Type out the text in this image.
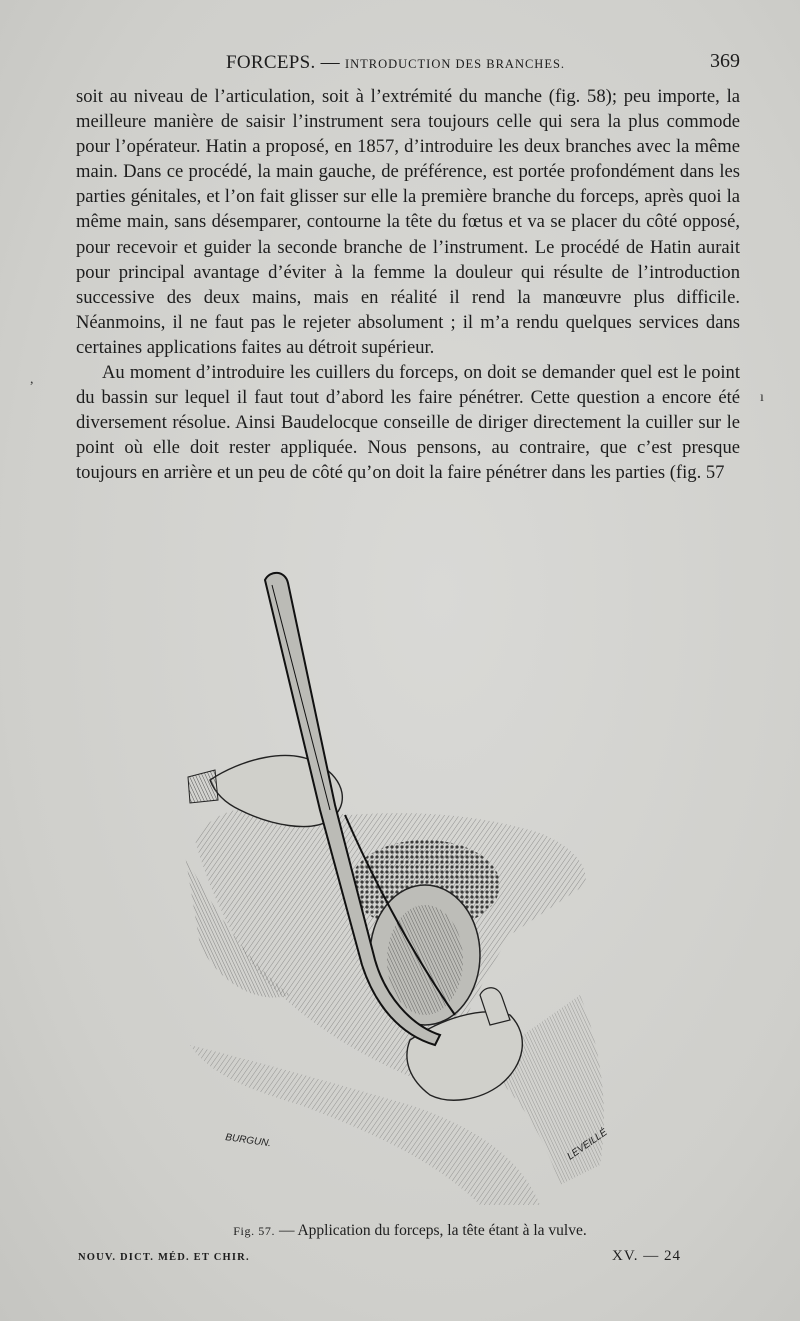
FORCEPS. — INTRODUCTION DES BRANCHES.	369

soit au niveau de l’articulation, soit à l’extrémité du manche (fig. 58); peu importe, la meilleure manière de saisir l’instrument sera toujours celle qui sera la plus commode pour l’opérateur. Hatin a proposé, en 1857, d’introduire les deux branches avec la même main. Dans ce procédé, la main gauche, de préférence, est portée profondément dans les parties génitales, et l’on fait glisser sur elle la première branche du forceps, après quoi la même main, sans désemparer, contourne la tête du fœtus et va se placer du côté opposé, pour recevoir et guider la seconde branche de l’instrument. Le procédé de Hatin aurait pour principal avantage d’éviter à la femme la douleur qui résulte de l’introduction successive des deux mains, mais en réalité il rend la manœuvre plus difficile. Néanmoins, il ne faut pas le rejeter absolument ; il m’a rendu quelques services dans certaines applications faites au détroit supérieur.

Au moment d’introduire les cuillers du forceps, on doit se demander quel est le point du bassin sur lequel il faut tout d’abord les faire pénétrer. Cette question a encore été diversement résolue. Ainsi Baudelocque conseille de diriger directement la cuiller sur le point où elle doit rester appliquée. Nous pensons, au contraire, que c’est presque toujours en arrière et un peu de côté qu’on doit la faire pénétrer dans les parties (fig. 57

,
ı
BURGUN.	LEVEILLÉ
Fig. 57. — Application du forceps, la tête étant à la vulve.
NOUV. DICT. MÉD. ET CHIR.	XV. — 24
